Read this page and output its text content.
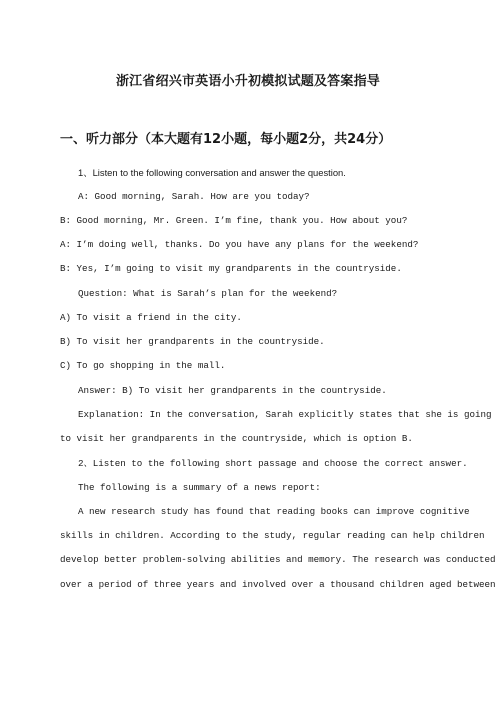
浙江省绍兴市英语小升初模拟试题及答案指导
一、听力部分（本大题有12小题，每小题2分，共24分）
1、Listen to the following conversation and answer the question.
A: Good morning, Sarah. How are you today?
B: Good morning, Mr. Green. I’m fine, thank you. How about you?
A: I’m doing well, thanks. Do you have any plans for the weekend?
B: Yes, I’m going to visit my grandparents in the countryside.
Question: What is Sarah’s plan for the weekend?
A) To visit a friend in the city.
B) To visit her grandparents in the countryside.
C) To go shopping in the mall.
Answer: B) To visit her grandparents in the countryside.
Explanation: In the conversation, Sarah explicitly states that she is going
to visit her grandparents in the countryside, which is option B.
2、Listen to the following short passage and choose the correct answer.
The following is a summary of a news report:
A new research study has found that reading books can improve cognitive
skills in children. According to the study, regular reading can help children
develop better problem-solving abilities and memory. The research was conducted
over a period of three years and involved over a thousand children aged between
